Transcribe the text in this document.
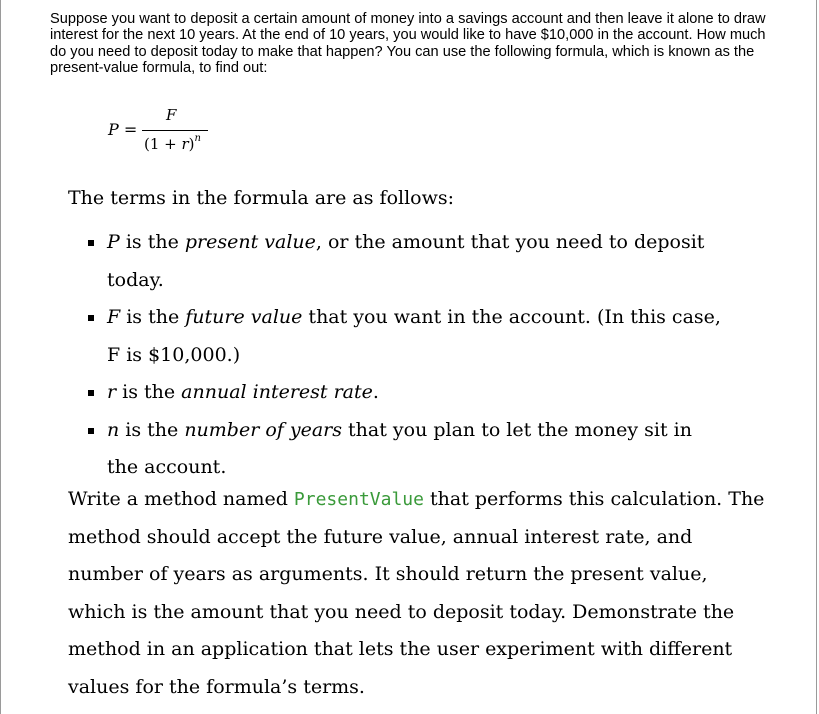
Suppose you want to deposit a certain amount of money into a savings account and then leave it alone to draw interest for the next 10 years. At the end of 10 years, you would like to have $10,000 in the account. How much do you need to deposit today to make that happen? You can use the following formula, which is known as the present-value formula, to find out:

P =
F
$(1 + r)^n$

The terms in the formula are as follows:

P is the present value, or the amount that you need to deposit today.
F is the future value that you want in the account. (In this case, F is $10,000.)
r is the annual interest rate.
n is the number of years that you plan to let the money sit in the account.

Write a method named PresentValue that performs this calculation. The method should accept the future value, annual interest rate, and number of years as arguments. It should return the present value, which is the amount that you need to deposit today. Demonstrate the method in an application that lets the user experiment with different values for the formula’s terms.
